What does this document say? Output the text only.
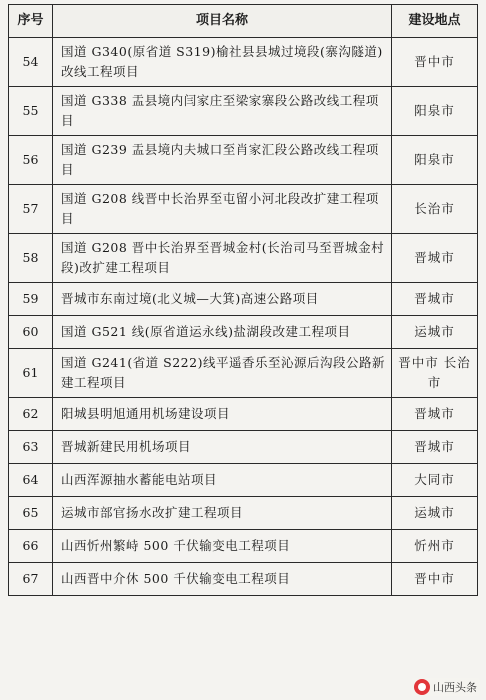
序号	项目名称	建设地点
54	国道 G340(原省道 S319)榆社县县城过境段(寨沟隧道)改线工程项目	晋中市
55	国道 G338 盂县境内闫家庄至梁家寨段公路改线工程项目	阳泉市
56	国道 G239 盂县境内夫城口至肖家汇段公路改线工程项目	阳泉市
57	国道 G208 线晋中长治界至屯留小河北段改扩建工程项目	长治市
58	国道 G208 晋中长治界至晋城金村(长治司马至晋城金村段)改扩建工程项目	晋城市
59	晋城市东南过境(北义城—大箕)高速公路项目	晋城市
60	国道 G521 线(原省道运永线)盐湖段改建工程项目	运城市
61	国道 G241(省道 S222)线平遥香乐至沁源后沟段公路新建工程项目	晋中市 长治市
62	阳城县明旭通用机场建设项目	晋城市
63	晋城新建民用机场项目	晋城市
64	山西浑源抽水蓄能电站项目	大同市
65	运城市部官扬水改扩建工程项目	运城市
66	山西忻州繁峙 500 千伏输变电工程项目	忻州市
67	山西晋中介休 500 千伏输变电工程项目	晋中市
山西头条
